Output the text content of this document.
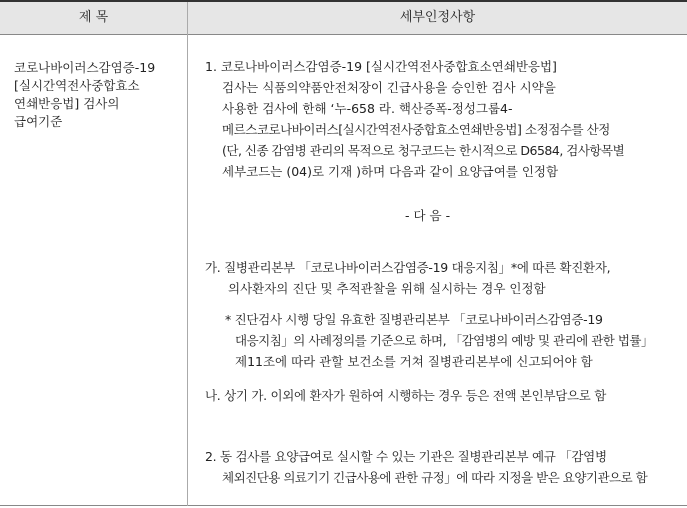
제 목	세부인정사항
코로나바이러스감염증-19
[실시간역전사중합효소
연쇄반응법] 검사의
급여기준
1. 코로나바이러스감염증-19 [실시간역전사중합효소연쇄반응법]
검사는 식품의약품안전처장이 긴급사용을 승인한 검사 시약을
사용한 검사에 한해 ‘누-658 라. 핵산증폭-정성그룹4-
메르스코로나바이러스[실시간역전사중합효소연쇄반응법] 소정점수를 산정
(단, 신종 감염병 관리의 목적으로 청구코드는 한시적으로 D6584, 검사항목별
세부코드는 (04)로 기재 )하며 다음과 같이 요양급여를 인정함
- 다 음 -
가. 질병관리본부 「코로나바이러스감염증-19 대응지침」*에 따른 확진환자,
의사환자의 진단 및 추적관찰을 위해 실시하는 경우 인정함
* 진단검사 시행 당일 유효한 질병관리본부 「코로나바이러스감염증-19
대응지침」의 사례정의를 기준으로 하며, 「감염병의 예방 및 관리에 관한 법률」
제11조에 따라 관할 보건소를 거쳐 질병관리본부에 신고되어야 함
나. 상기 가. 이외에 환자가 원하여 시행하는 경우 등은 전액 본인부담으로 함
2. 동 검사를 요양급여로 실시할 수 있는 기관은 질병관리본부 예규 「감염병
체외진단용 의료기기 긴급사용에 관한 규정」에 따라 지정을 받은 요양기관으로 함
